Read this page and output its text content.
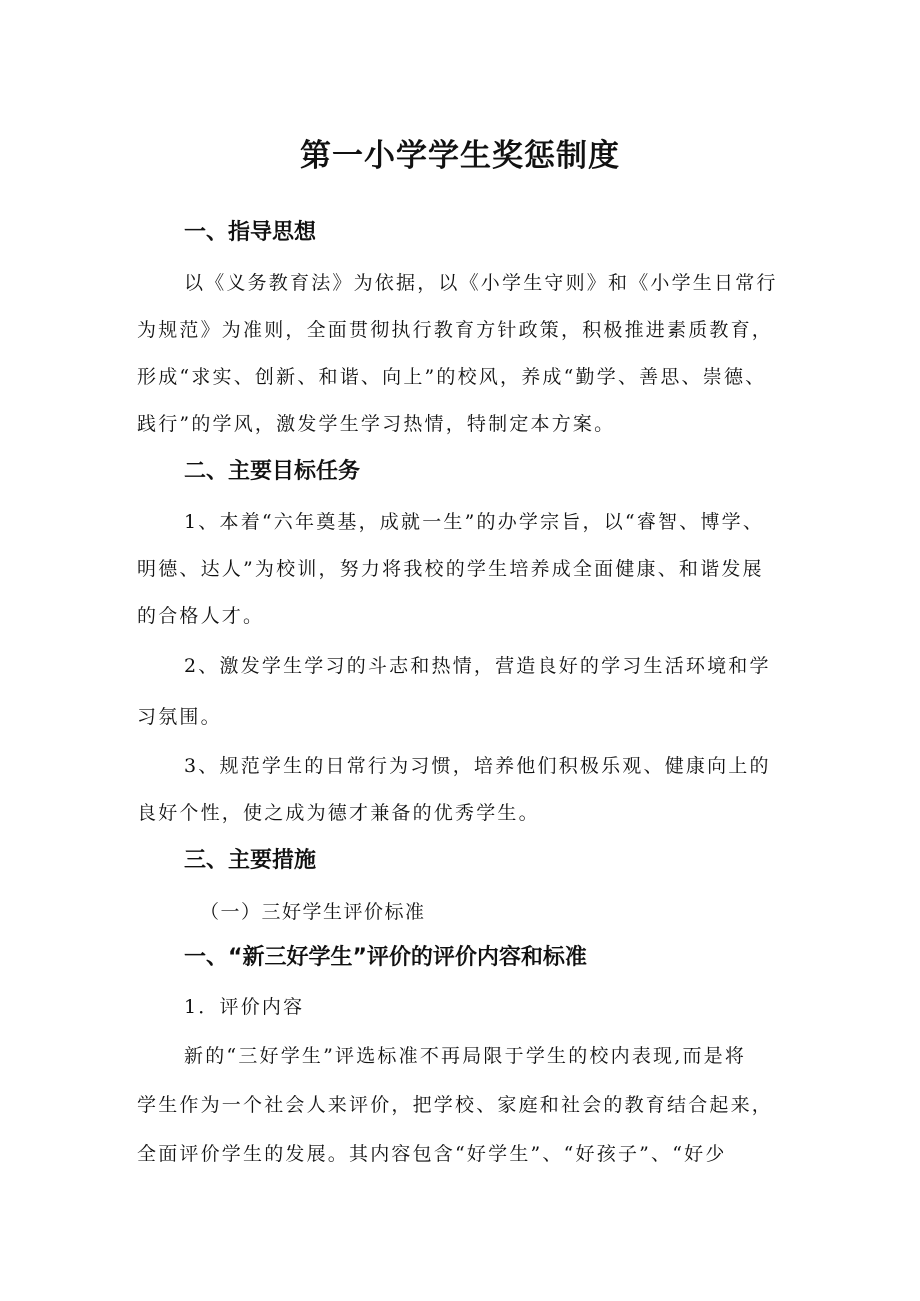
第一小学学生奖惩制度
一、指导思想

以《义务教育法》为依据，以《小学生守则》和《小学生日常行

为规范》为准则，全面贯彻执行教育方针政策，积极推进素质教育，

形成“求实、创新、和谐、向上”的校风，养成“勤学、善思、崇德、

践行”的学风，激发学生学习热情，特制定本方案。

二、主要目标任务

1、本着“六年奠基，成就一生”的办学宗旨，以“睿智、博学、

明德、达人”为校训，努力将我校的学生培养成全面健康、和谐发展

的合格人才。

2、激发学生学习的斗志和热情，营造良好的学习生活环境和学

习氛围。

3、规范学生的日常行为习惯，培养他们积极乐观、健康向上的

良好个性，使之成为德才兼备的优秀学生。

三、主要措施

（一）三好学生评价标准

一、“新三好学生”评价的评价内容和标准

1．评价内容

新的“三好学生”评选标准不再局限于学生的校内表现,而是将

学生作为一个社会人来评价，把学校、家庭和社会的教育结合起来，

全面评价学生的发展。其内容包含“好学生”、“好孩子”、“好少
